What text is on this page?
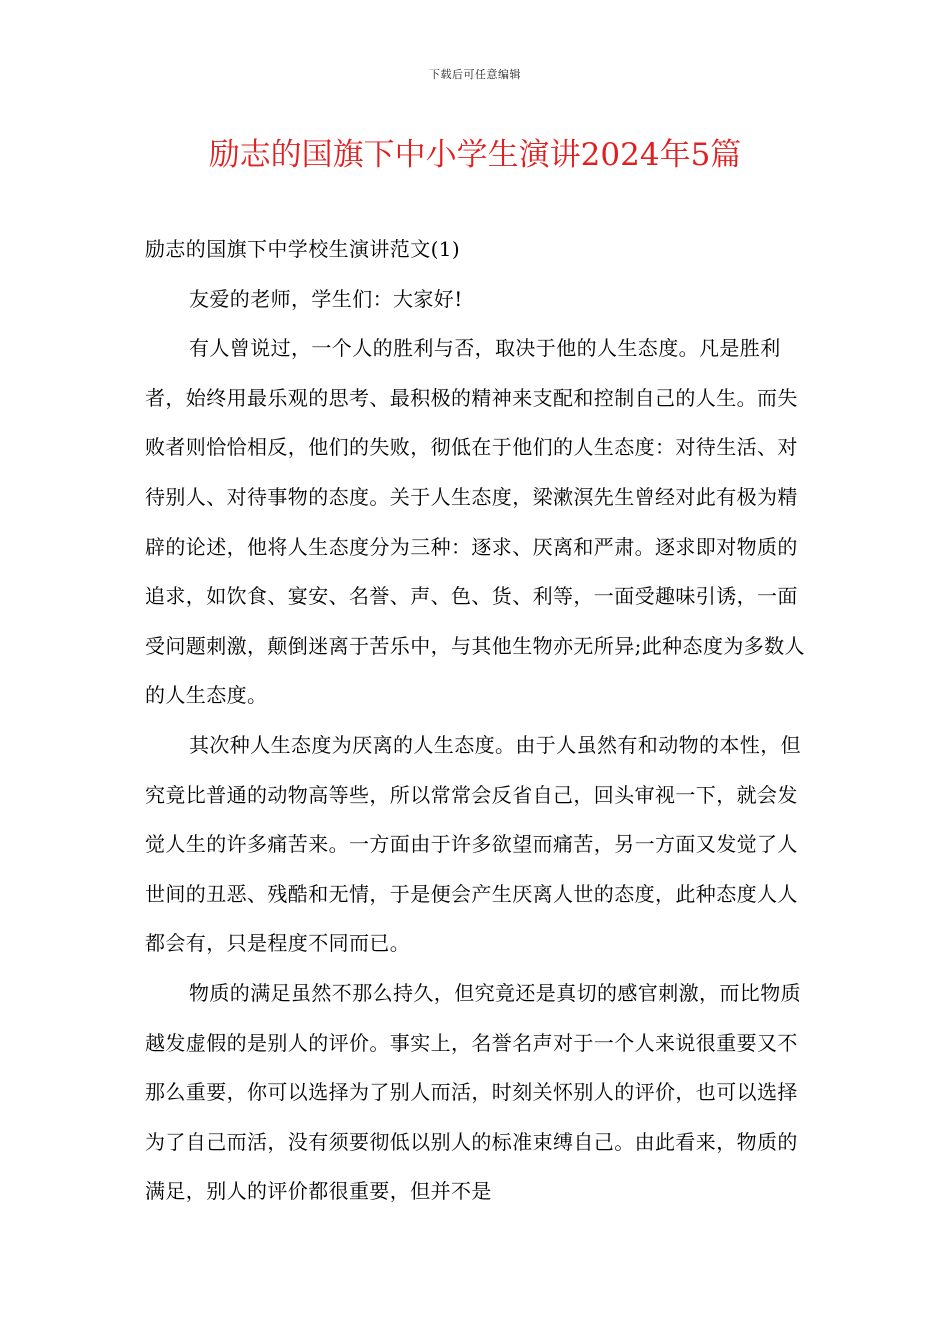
下载后可任意编辑
励志的国旗下中小学生演讲2024年5篇

励志的国旗下中学校生演讲范文(1)

友爱的老师，学生们：大家好!

有人曾说过，一个人的胜利与否，取决于他的人生态度。凡是胜利者，始终用最乐观的思考、最积极的精神来支配和控制自己的人生。而失败者则恰恰相反，他们的失败，彻低在于他们的人生态度：对待生活、对待别人、对待事物的态度。关于人生态度，梁漱溟先生曾经对此有极为精辟的论述，他将人生态度分为三种：逐求、厌离和严肃。逐求即对物质的追求，如饮食、宴安、名誉、声、色、货、利等，一面受趣味引诱，一面受问题刺激，颠倒迷离于苦乐中，与其他生物亦无所异;此种态度为多数人的人生态度。

其次种人生态度为厌离的人生态度。由于人虽然有和动物的本性，但究竟比普通的动物高等些，所以常常会反省自己，回头审视一下，就会发觉人生的许多痛苦来。一方面由于许多欲望而痛苦，另一方面又发觉了人世间的丑恶、残酷和无情，于是便会产生厌离人世的态度，此种态度人人都会有，只是程度不同而已。

物质的满足虽然不那么持久，但究竟还是真切的感官刺激，而比物质越发虚假的是别人的评价。事实上，名誉名声对于一个人来说很重要又不那么重要，你可以选择为了别人而活，时刻关怀别人的评价，也可以选择为了自己而活，没有须要彻低以别人的标准束缚自己。由此看来，物质的满足，别人的评价都很重要，但并不是
